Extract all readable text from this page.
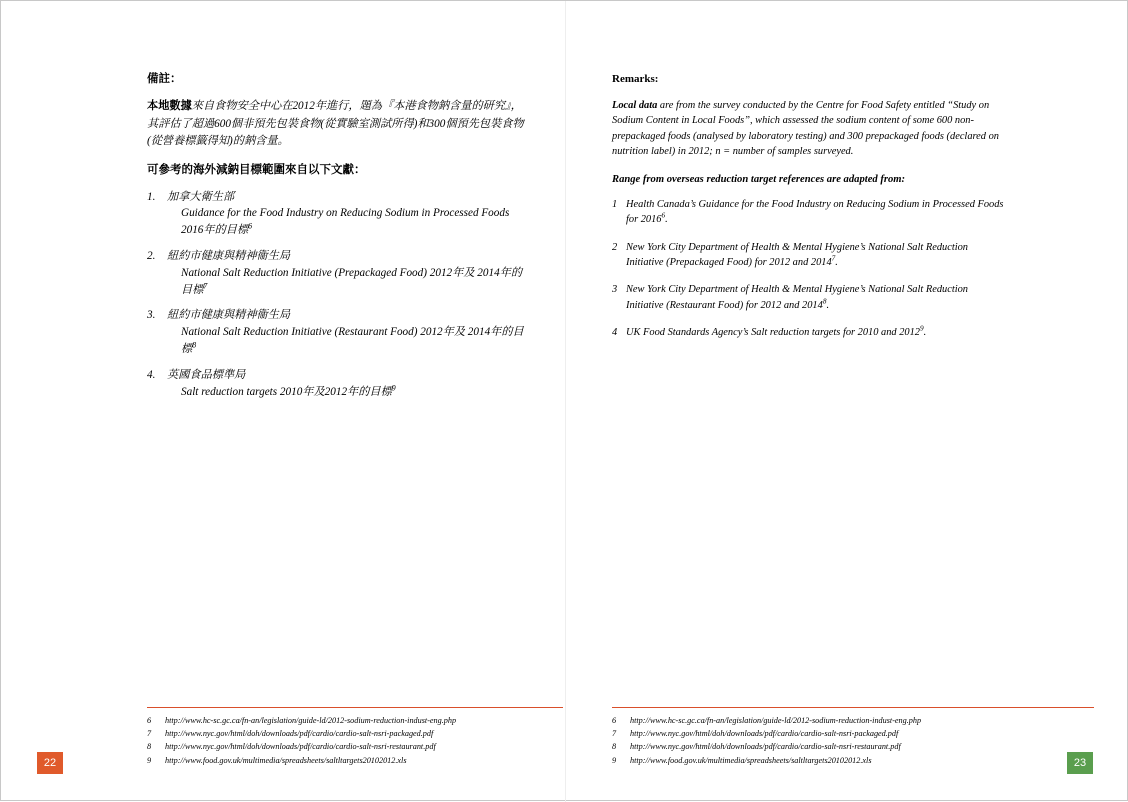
備註：

本地數據來自食物安全中心在2012年進行，題為『本港食物鈉含量的研究』，其評估了超過600個非預先包裝食物(從實驗室測試所得)和300個預先包裝食物(從營養標籤得知)的鈉含量。

可參考的海外減鈉目標範圍來自以下文獻：
1.	加拿大衛生部
Guidance for the Food Industry on Reducing Sodium in Processed Foods 2016年的目標$^6$
2.	紐約市健康與精神衞生局
National Salt Reduction Initiative (Prepackaged Food) 2012年及 2014年的目標$^7$
3.	紐約市健康與精神衞生局
National Salt Reduction Initiative (Restaurant Food) 2012年及 2014年的目標$^8$
4.	英國食品標準局
Salt reduction targets 2010年及2012年的目標$^9$
6	http://www.hc-sc.gc.ca/fn-an/legislation/guide-ld/2012-sodium-reduction-indust-eng.php
7	http://www.nyc.gov/html/doh/downloads/pdf/cardio/cardio-salt-nsri-packaged.pdf
8	http://www.nyc.gov/html/doh/downloads/pdf/cardio/cardio-salt-nsri-restaurant.pdf
9	http://www.food.gov.uk/multimedia/spreadsheets/saltltargets20102012.xls
22
Remarks:

Local data are from the survey conducted by the Centre for Food Safety entitled “Study on Sodium Content in Local Foods”, which assessed the sodium content of some 600 non-prepackaged foods (analysed by laboratory testing) and 300 prepackaged foods (declared on nutrition label) in 2012; n = number of samples surveyed.

Range from overseas reduction target references are adapted from:
1 Health Canada’s Guidance for the Food Industry on Reducing Sodium in Processed Foods for 2016$^6$.
2 New York City Department of Health & Mental Hygiene’s National Salt Reduction Initiative (Prepackaged Food) for 2012 and 2014$^7$.
3 New York City Department of Health & Mental Hygiene’s National Salt Reduction Initiative (Restaurant Food) for 2012 and 2014$^8$.
4 UK Food Standards Agency’s Salt reduction targets for 2010 and 2012$^9$.
6	http://www.hc-sc.gc.ca/fn-an/legislation/guide-ld/2012-sodium-reduction-indust-eng.php
7	http://www.nyc.gov/html/doh/downloads/pdf/cardio/cardio-salt-nsri-packaged.pdf
8	http://www.nyc.gov/html/doh/downloads/pdf/cardio/cardio-salt-nsri-restaurant.pdf
9	http://www.food.gov.uk/multimedia/spreadsheets/saltltargets20102012.xls	23
